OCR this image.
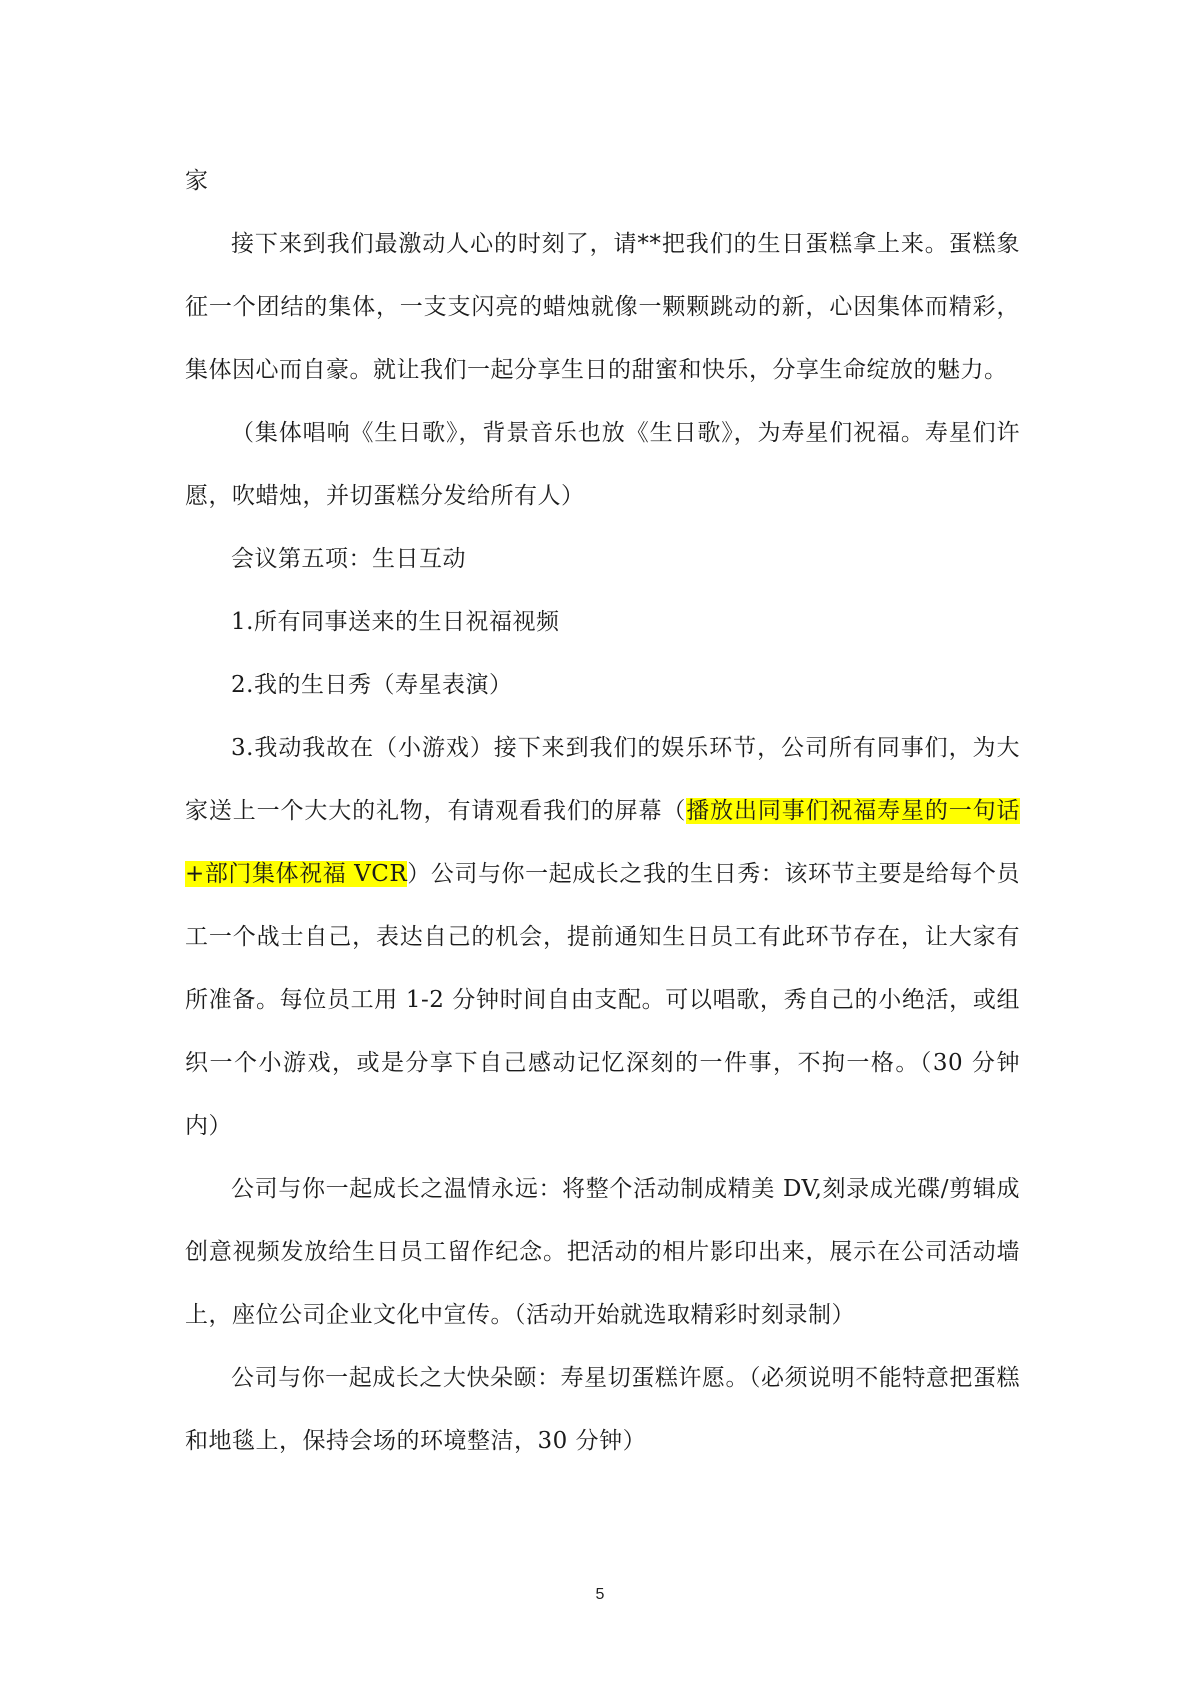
家

接下来到我们最激动人心的时刻了，请**把我们的生日蛋糕拿上来。蛋糕象征一个团结的集体，一支支闪亮的蜡烛就像一颗颗跳动的新，心因集体而精彩，集体因心而自豪。就让我们一起分享生日的甜蜜和快乐，分享生命绽放的魅力。

（集体唱响《生日歌》，背景音乐也放《生日歌》，为寿星们祝福。寿星们许愿，吹蜡烛，并切蛋糕分发给所有人）

会议第五项：生日互动

1.所有同事送来的生日祝福视频

2.我的生日秀（寿星表演）

3.我动我故在（小游戏）接下来到我们的娱乐环节，公司所有同事们，为大家送上一个大大的礼物，有请观看我们的屏幕（播放出同事们祝福寿星的一句话+部门集体祝福 VCR）公司与你一起成长之我的生日秀：该环节主要是给每个员工一个战士自己，表达自己的机会，提前通知生日员工有此环节存在，让大家有所准备。每位员工用 1-2 分钟时间自由支配。可以唱歌，秀自己的小绝活，或组织一个小游戏，或是分享下自己感动记忆深刻的一件事，不拘一格。（30 分钟内）

公司与你一起成长之温情永远：将整个活动制成精美 DV,刻录成光碟/剪辑成创意视频发放给生日员工留作纪念。把活动的相片影印出来，展示在公司活动墙上，座位公司企业文化中宣传。（活动开始就选取精彩时刻录制）

公司与你一起成长之大快朵颐：寿星切蛋糕许愿。（必须说明不能特意把蛋糕和地毯上，保持会场的环境整洁，30 分钟）

5
